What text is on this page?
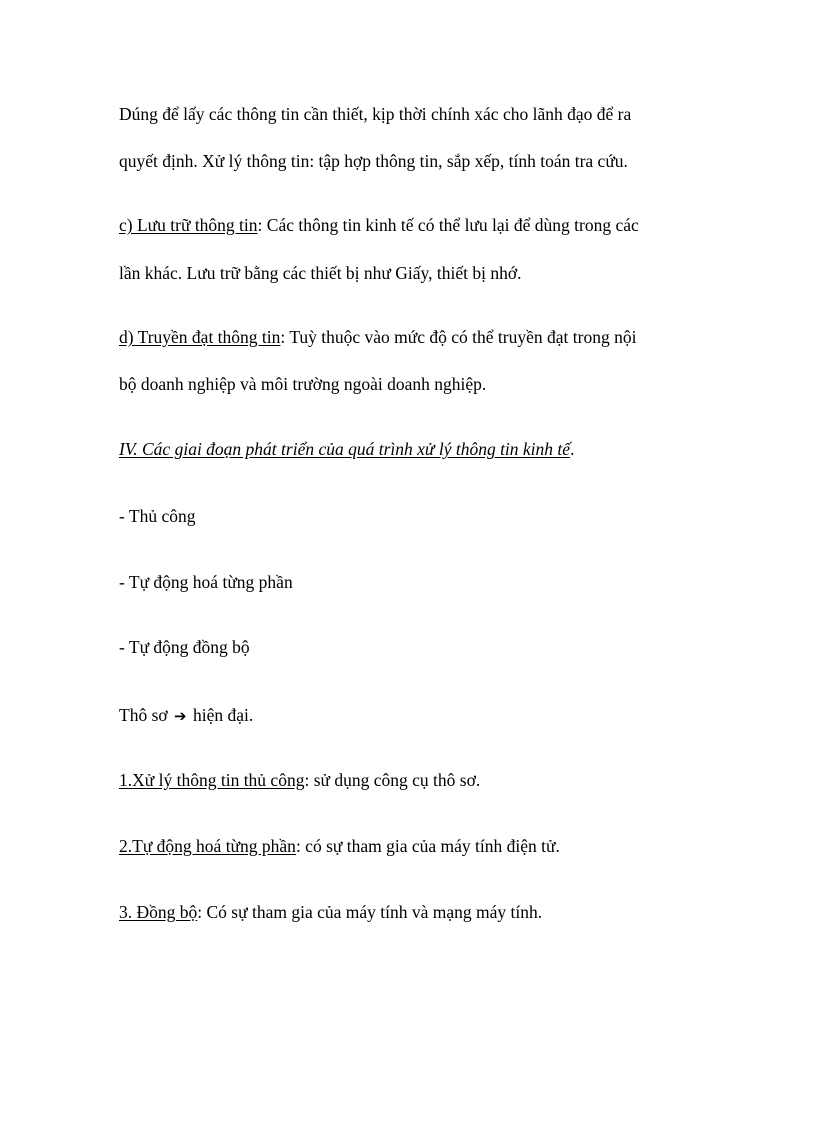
Dúng để lấy các thông tin cần thiết, kịp thời chính xác cho lãnh đạo để ra
quyết định. Xử lý thông tin: tập hợp thông tin, sắp xếp, tính toán tra cứu.
c) Lưu trữ thông tin: Các thông tin kinh tế có thể lưu lại để dùng trong các
lần khác. Lưu trữ bằng các thiết bị như Giấy, thiết bị nhớ.
d) Truyền đạt thông tin: Tuỳ thuộc vào mức độ có thể truyền đạt trong nội
bộ doanh nghiệp và môi trường ngoài doanh nghiệp.
IV. Các giai đoạn phát triển của quá trình xử lý thông tin kinh tế.
- Thủ công
- Tự động hoá từng phần
- Tự động đồng bộ
Thô sơ ➔ hiện đại.
1.Xử lý thông tin thủ công: sử dụng công cụ thô sơ.
2.Tự động hoá từng phần: có sự tham gia của máy tính điện tử.
3. Đồng bộ: Có sự tham gia của máy tính và mạng máy tính.
